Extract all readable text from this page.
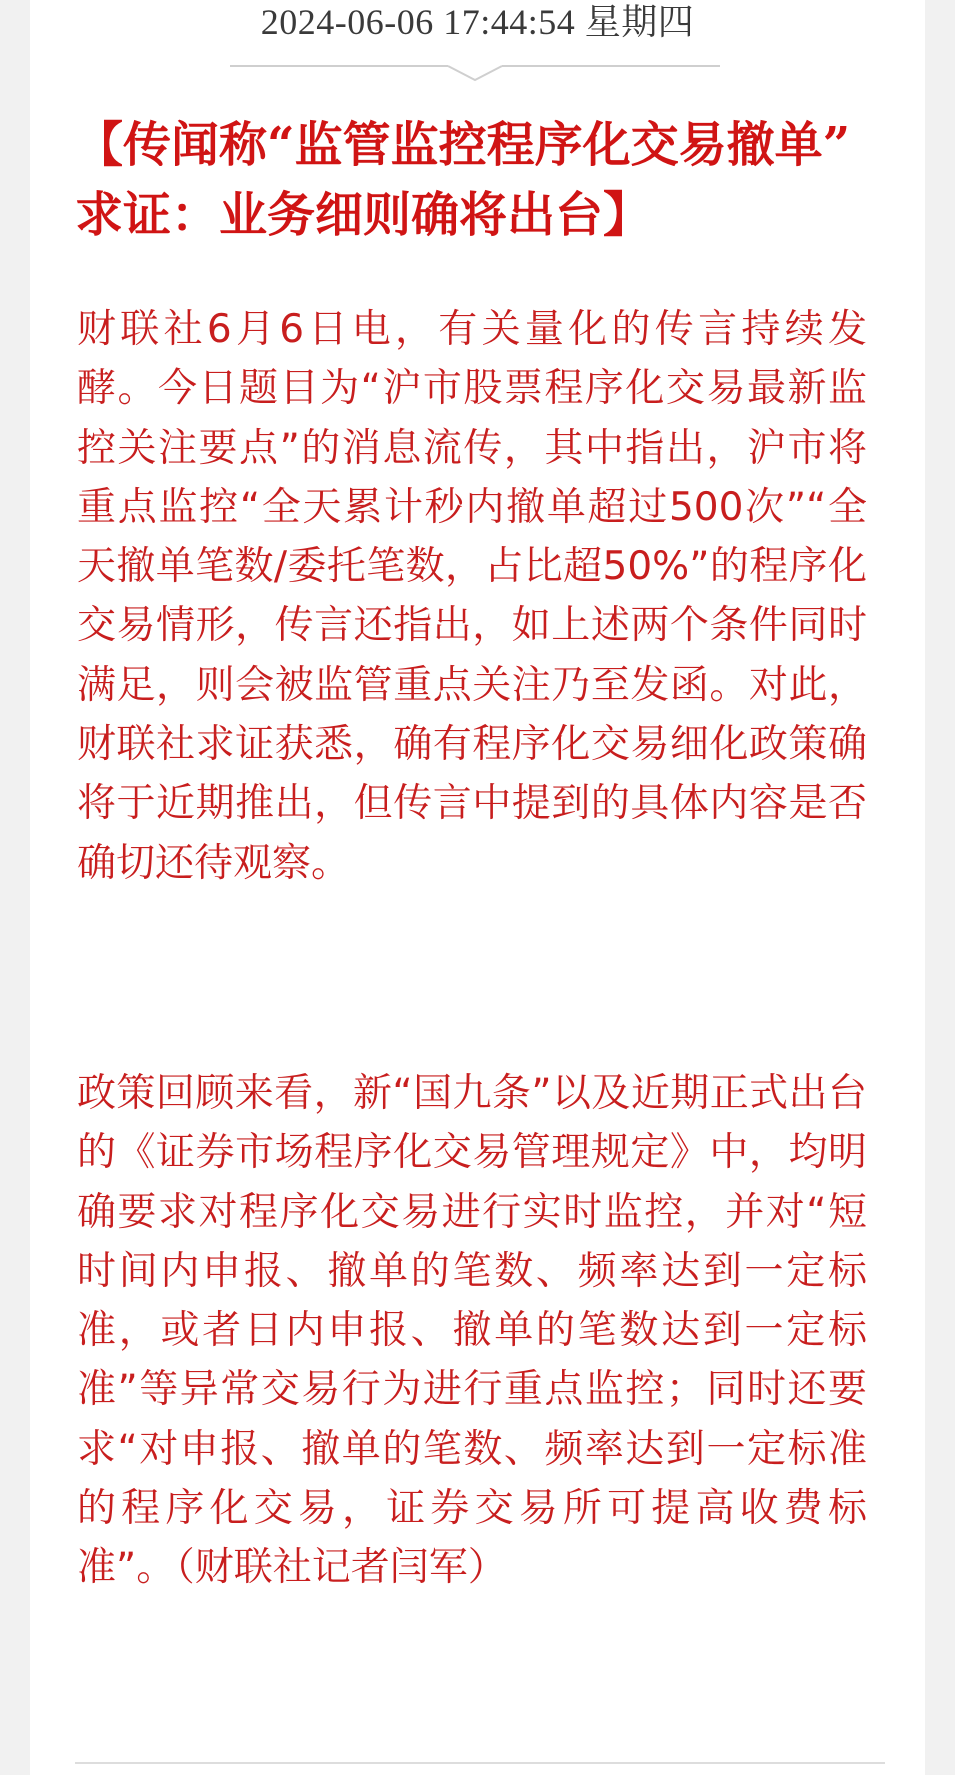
2024-06-06 17:44:54 星期四
【传闻称“监管监控程序化交易撤单” 求证：业务细则确将出台】

财联社6月6日电，有关量化的传言持续发酵。今日题目为“沪市股票程序化交易最新监控关注要点”的消息流传，其中指出，沪市将重点监控“全天累计秒内撤单超过500次”“全天撤单笔数/委托笔数，占比超50%”的程序化交易情形，传言还指出，如上述两个条件同时满足，则会被监管重点关注乃至发函。对此，财联社求证获悉，确有程序化交易细化政策确将于近期推出，但传言中提到的具体内容是否确切还待观察。

政策回顾来看，新“国九条”以及近期正式出台的《证券市场程序化交易管理规定》中，均明确要求对程序化交易进行实时监控，并对“短时间内申报、撤单的笔数、频率达到一定标准，或者日内申报、撤单的笔数达到一定标准”等异常交易行为进行重点监控；同时还要求“对申报、撤单的笔数、频率达到一定标准的程序化交易，证券交易所可提高收费标准”。（财联社记者闫军）
